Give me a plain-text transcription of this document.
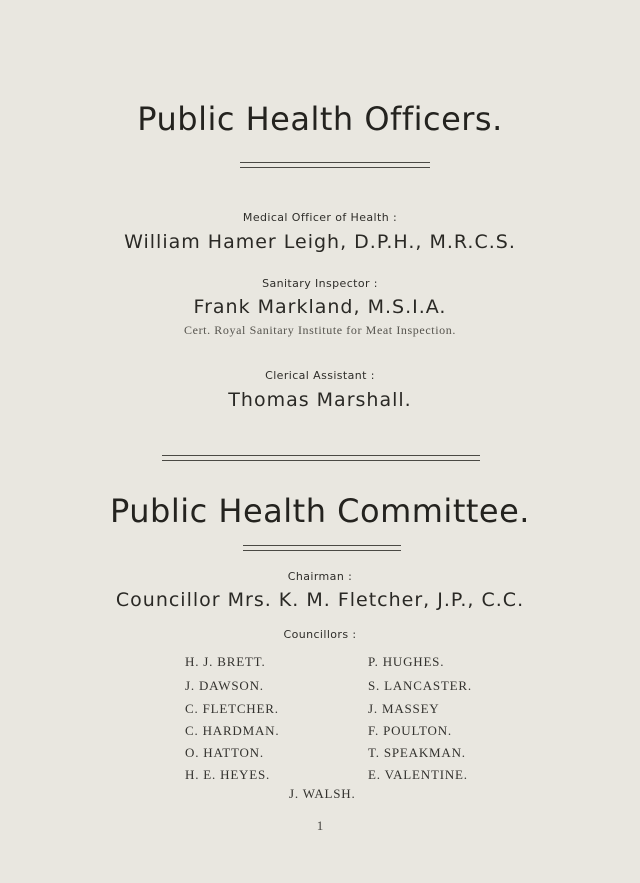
Public Health Officers.
Medical Officer of Health :
William Hamer Leigh, D.P.H., M.R.C.S.
Sanitary Inspector :
Frank Markland, M.S.I.A.
Cert. Royal Sanitary Institute for Meat Inspection.
Clerical Assistant :
Thomas Marshall.
Public Health Committee.
Chairman :
Councillor Mrs. K. M. Fletcher, J.P., C.C.
Councillors :
H. J. BRETT.
J. DAWSON.
C. FLETCHER.
C. HARDMAN.
O. HATTON.
H. E. HEYES.
P. HUGHES.
S. LANCASTER.
J. MASSEY
F. POULTON.
T. SPEAKMAN.
E. VALENTINE.
J. WALSH.
1
